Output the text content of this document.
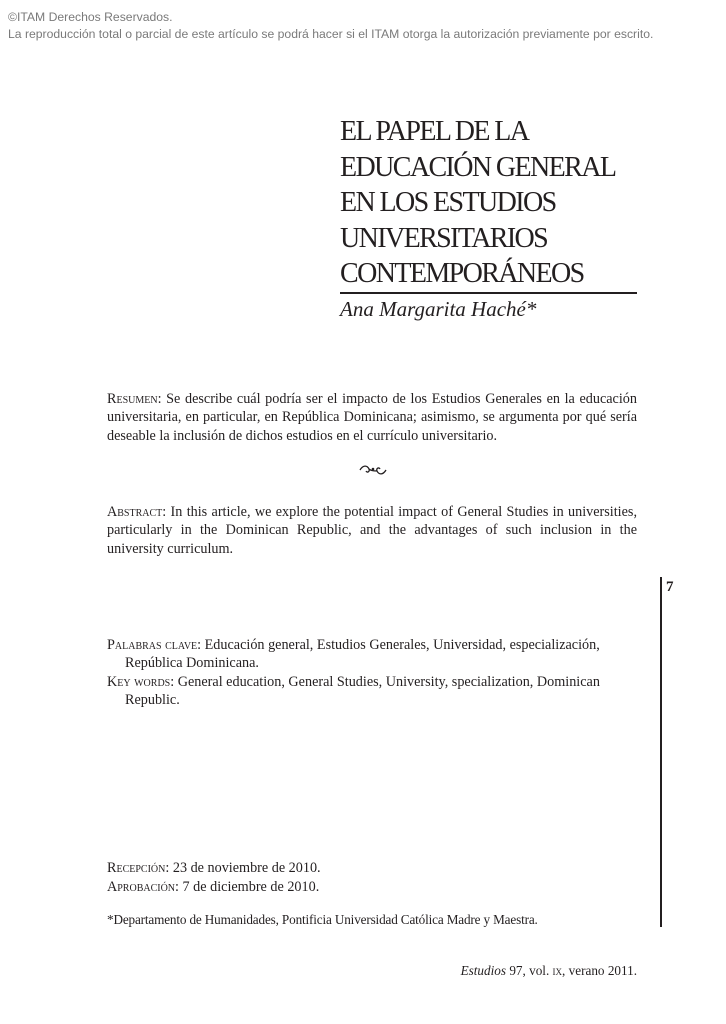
©ITAM Derechos Reservados.
La reproducción total o parcial de este artículo se podrá hacer si el ITAM otorga la autorización previamente por escrito.
EL PAPEL DE LA
EDUCACIÓN GENERAL
EN LOS ESTUDIOS
UNIVERSITARIOS
CONTEMPORÁNEOS
Ana Margarita Haché*
Resumen: Se describe cuál podría ser el impacto de los Estudios Generales en la educación universitaria, en particular, en República Dominicana; asimismo, se argumenta por qué sería deseable la inclusión de dichos estudios en el currículo universitario.
Abstract: In this article, we explore the potential impact of General Studies in universities, particularly in the Dominican Republic, and the advantages of such inclusion in the university curriculum.
7
Palabras clave: Educación general, Estudios Generales, Universidad, especialización,
República Dominicana.
Key words: General education, General Studies, University, specialization, Dominican
Republic.
Recepción: 23 de noviembre de 2010.
Aprobación: 7 de diciembre de 2010.
*Departamento de Humanidades, Pontificia Universidad Católica Madre y Maestra.
Estudios 97, vol. ix, verano 2011.
